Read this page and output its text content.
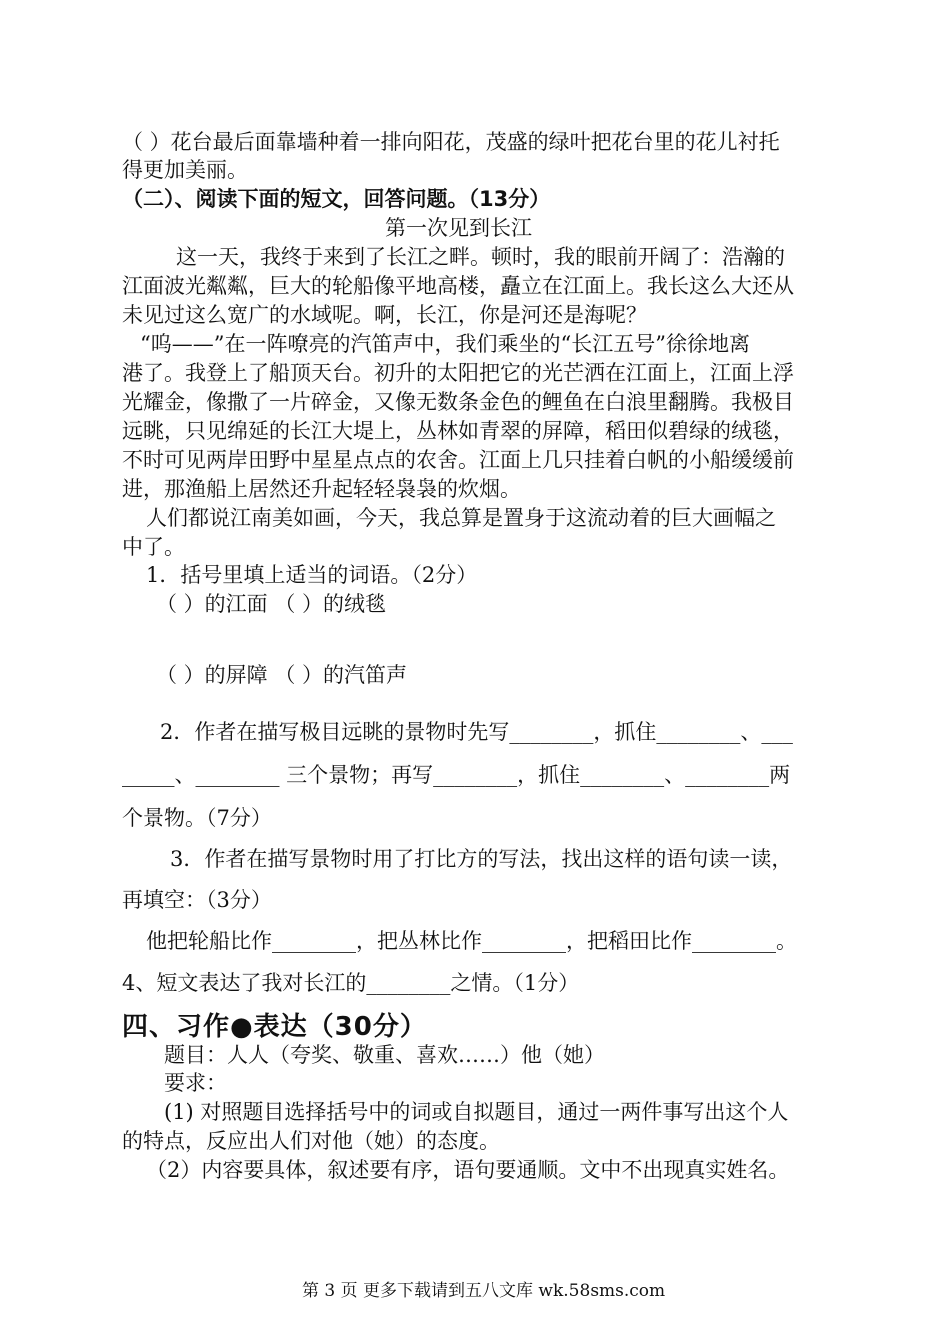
（ ）花台最后面靠墙种着一排向阳花，茂盛的绿叶把花台里的花儿衬托
得更加美丽。
（二）、阅读下面的短文，回答问题。（13分）
第一次见到长江
这一天，我终于来到了长江之畔。顿时，我的眼前开阔了：浩瀚的
江面波光粼粼，巨大的轮船像平地高楼，矗立在江面上。我长这么大还从
未见过这么宽广的水域呢。啊，长江，你是河还是海呢？
“呜——”在一阵嘹亮的汽笛声中，我们乘坐的“长江五号”徐徐地离
港了。我登上了船顶天台。初升的太阳把它的光芒洒在江面上，江面上浮
光耀金，像撒了一片碎金，又像无数条金色的鲤鱼在白浪里翻腾。我极目
远眺，只见绵延的长江大堤上，丛林如青翠的屏障，稻田似碧绿的绒毯，
不时可见两岸田野中星星点点的农舍。江面上几只挂着白帆的小船缓缓前
进，那渔船上居然还升起轻轻袅袅的炊烟。
人们都说江南美如画，今天，我总算是置身于这流动着的巨大画幅之
中了。
1．括号里填上适当的词语。（2分）
（ ）的江面 （ ）的绒毯
（ ）的屏障 （ ）的汽笛声
2．作者在描写极目远眺的景物时先写________，抓住________、___
_____、________ 三个景物；再写________，抓住________、________两
个景物。（7分）
3．作者在描写景物时用了打比方的写法，找出这样的语句读一读，
再填空：（3分）
他把轮船比作________，把丛林比作________，把稻田比作________。
4、短文表达了我对长江的________之情。（1分）
四、习作●表达（30分）
题目：人人（夸奖、敬重、喜欢……）他（她）
要求：
(1) 对照题目选择括号中的词或自拟题目，通过一两件事写出这个人
的特点，反应出人们对他（她）的态度。
（2）内容要具体，叙述要有序，语句要通顺。文中不出现真实姓名。
第 3 页 更多下载请到五八文库 wk.58sms.com
